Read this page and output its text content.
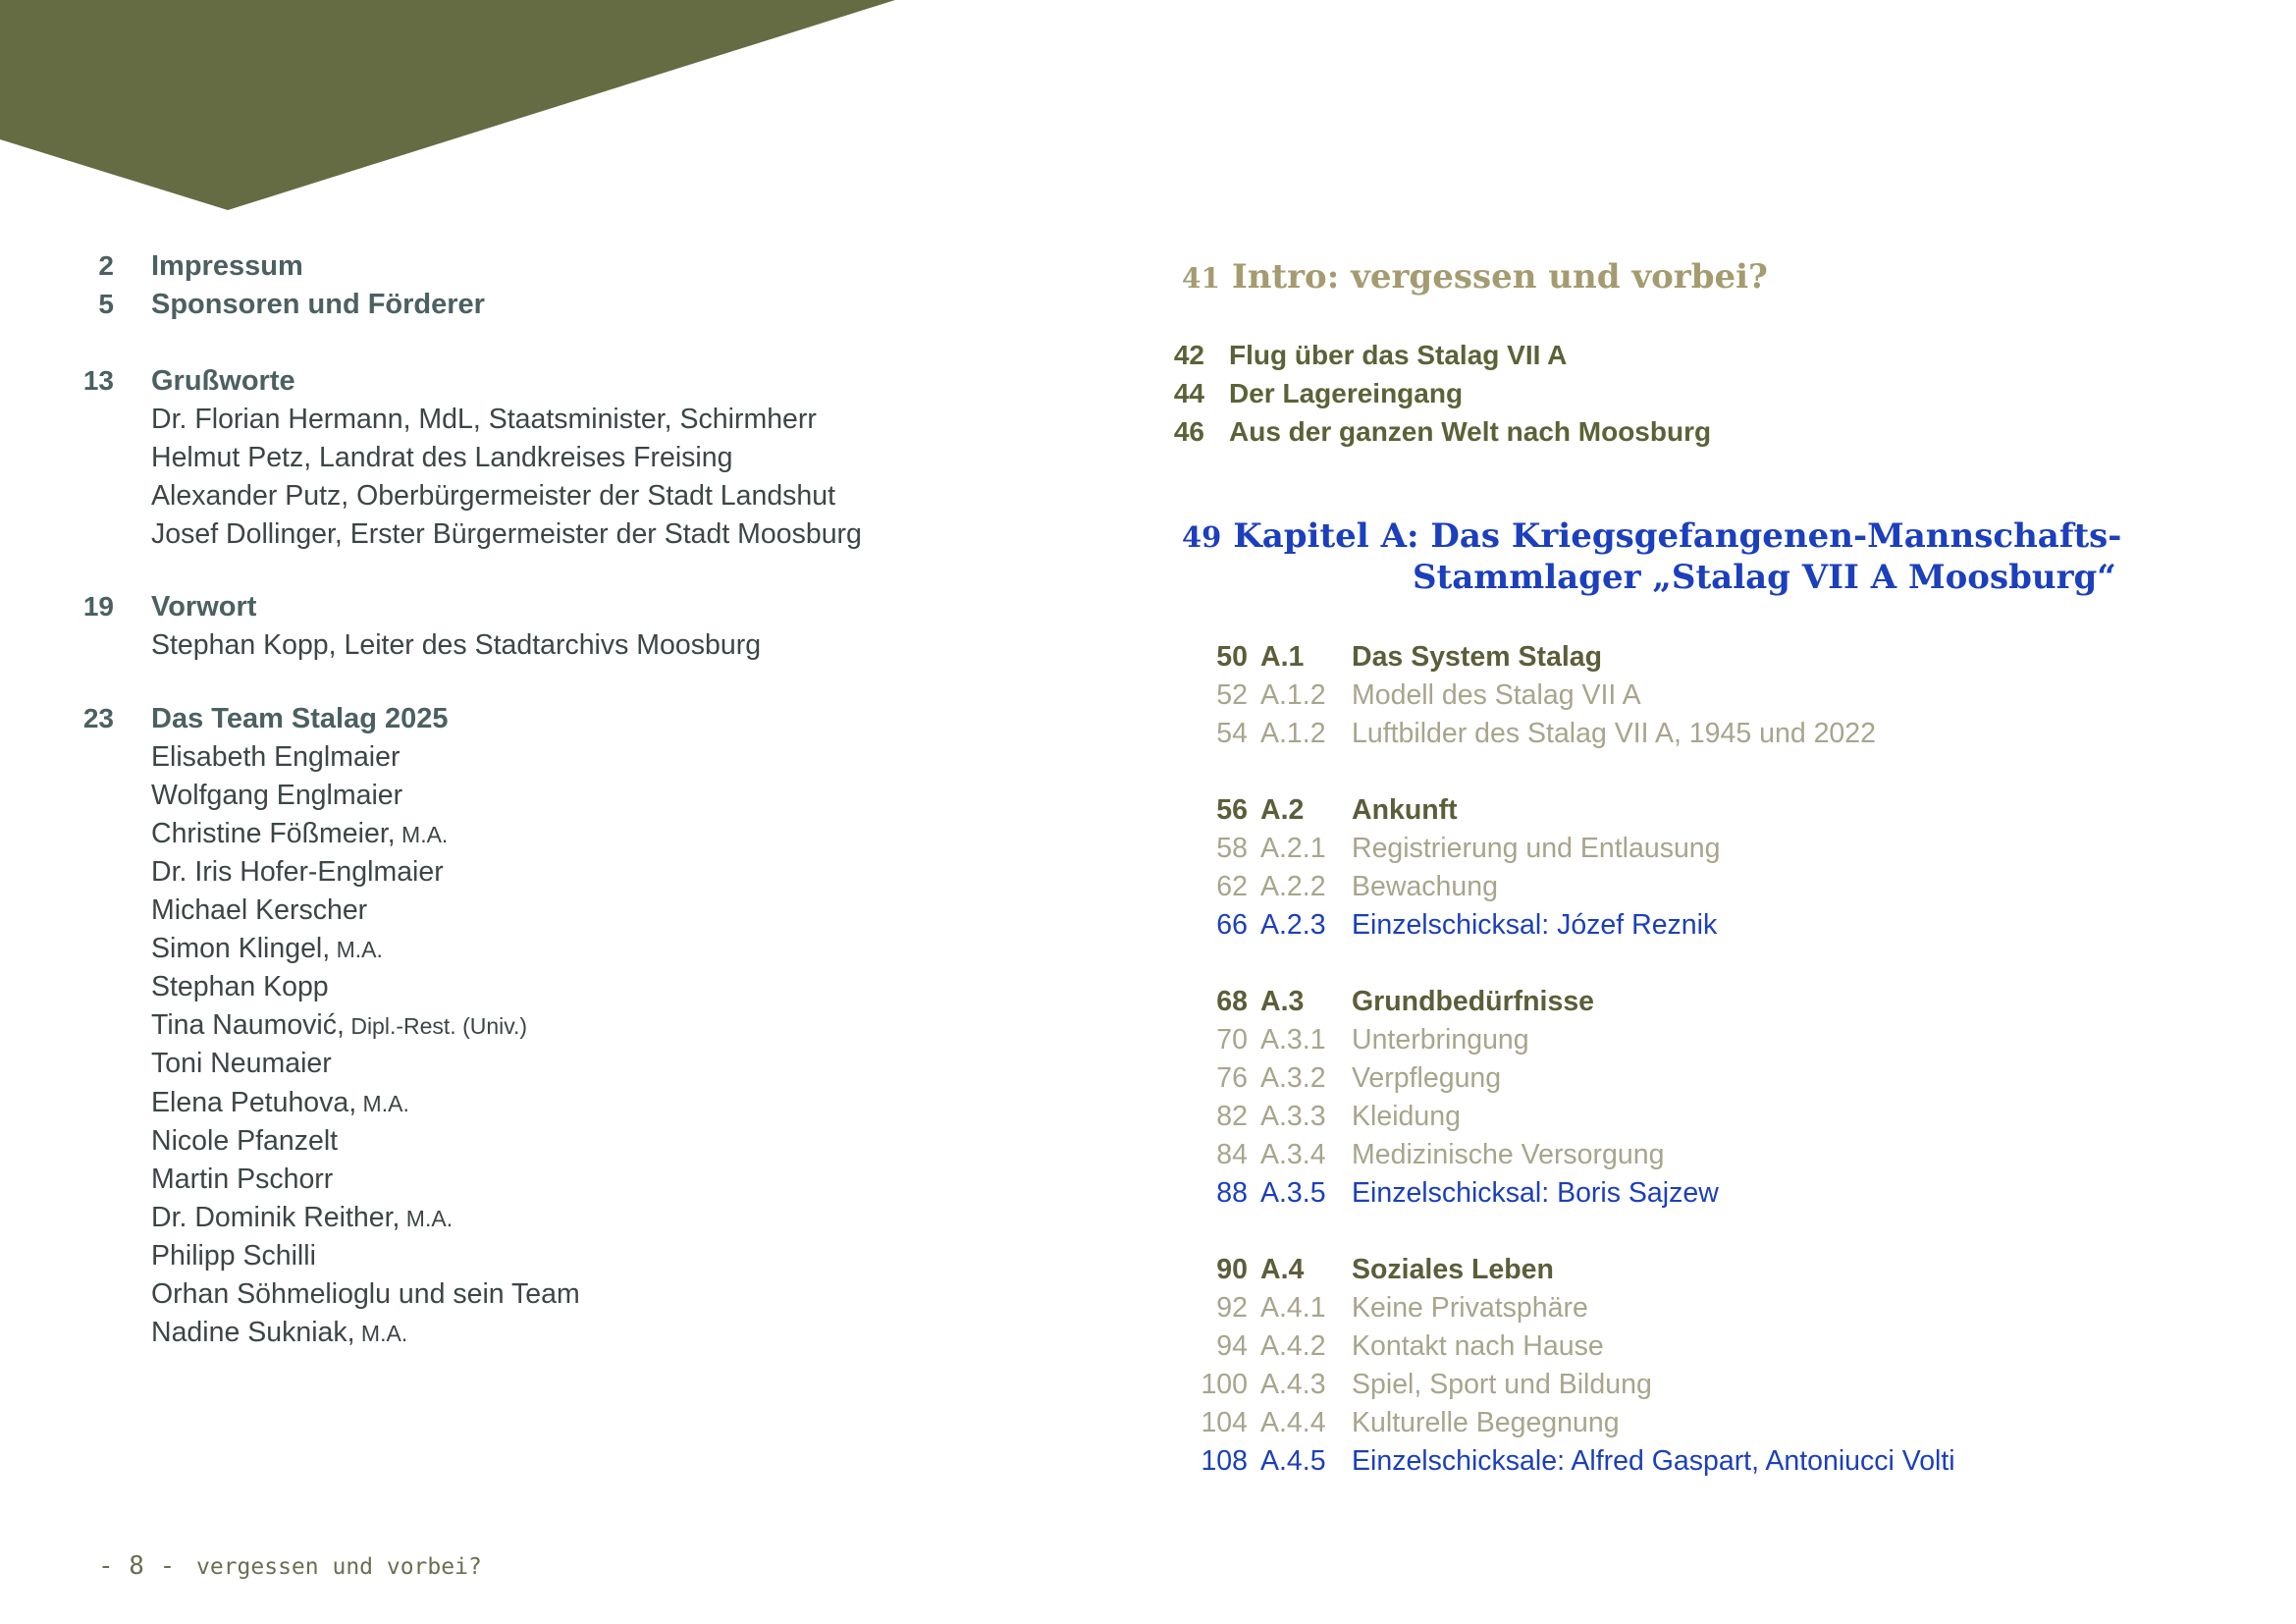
2 Impressum
5 Sponsoren und Förderer
13 Grußworte
Dr. Florian Hermann, MdL, Staatsminister, Schirmherr
Helmut Petz, Landrat des Landkreises Freising
Alexander Putz, Oberbürgermeister der Stadt Landshut
Josef Dollinger, Erster Bürgermeister der Stadt Moosburg
19 Vorwort
Stephan Kopp, Leiter des Stadtarchivs Moosburg
23 Das Team Stalag 2025
Elisabeth Englmaier
Wolfgang Englmaier
Christine Fößmeier, M.A.
Dr. Iris Hofer-Englmaier
Michael Kerscher
Simon Klingel, M.A.
Stephan Kopp
Tina Naumović, Dipl.-Rest. (Univ.)
Toni Neumaier
Elena Petuhova, M.A.
Nicole Pfanzelt
Martin Pschorr
Dr. Dominik Reither, M.A.
Philipp Schilli
Orhan Söhmelioglu und sein Team
Nadine Sukniak, M.A.
41 Intro: vergessen und vorbei?
42 Flug über das Stalag VII A
44 Der Lagereingang
46 Aus der ganzen Welt nach Moosburg
49 Kapitel A: Das Kriegsgefangenen-Mannschafts-
Stammlager „Stalag VII A Moosburg“
50 A.1 Das System Stalag
52 A.1.2 Modell des Stalag VII A
54 A.1.2 Luftbilder des Stalag VII A, 1945 und 2022
56 A.2 Ankunft
58 A.2.1 Registrierung und Entlausung
62 A.2.2 Bewachung
66 A.2.3 Einzelschicksal: Józef Reznik
68 A.3 Grundbedürfnisse
70 A.3.1 Unterbringung
76 A.3.2 Verpflegung
82 A.3.3 Kleidung
84 A.3.4 Medizinische Versorgung
88 A.3.5 Einzelschicksal: Boris Sajzew
90 A.4 Soziales Leben
92 A.4.1 Keine Privatsphäre
94 A.4.2 Kontakt nach Hause
100 A.4.3 Spiel, Sport und Bildung
104 A.4.4 Kulturelle Begegnung
108 A.4.5 Einzelschicksale: Alfred Gaspart, Antoniucci Volti
- 8 - vergessen und vorbei?
